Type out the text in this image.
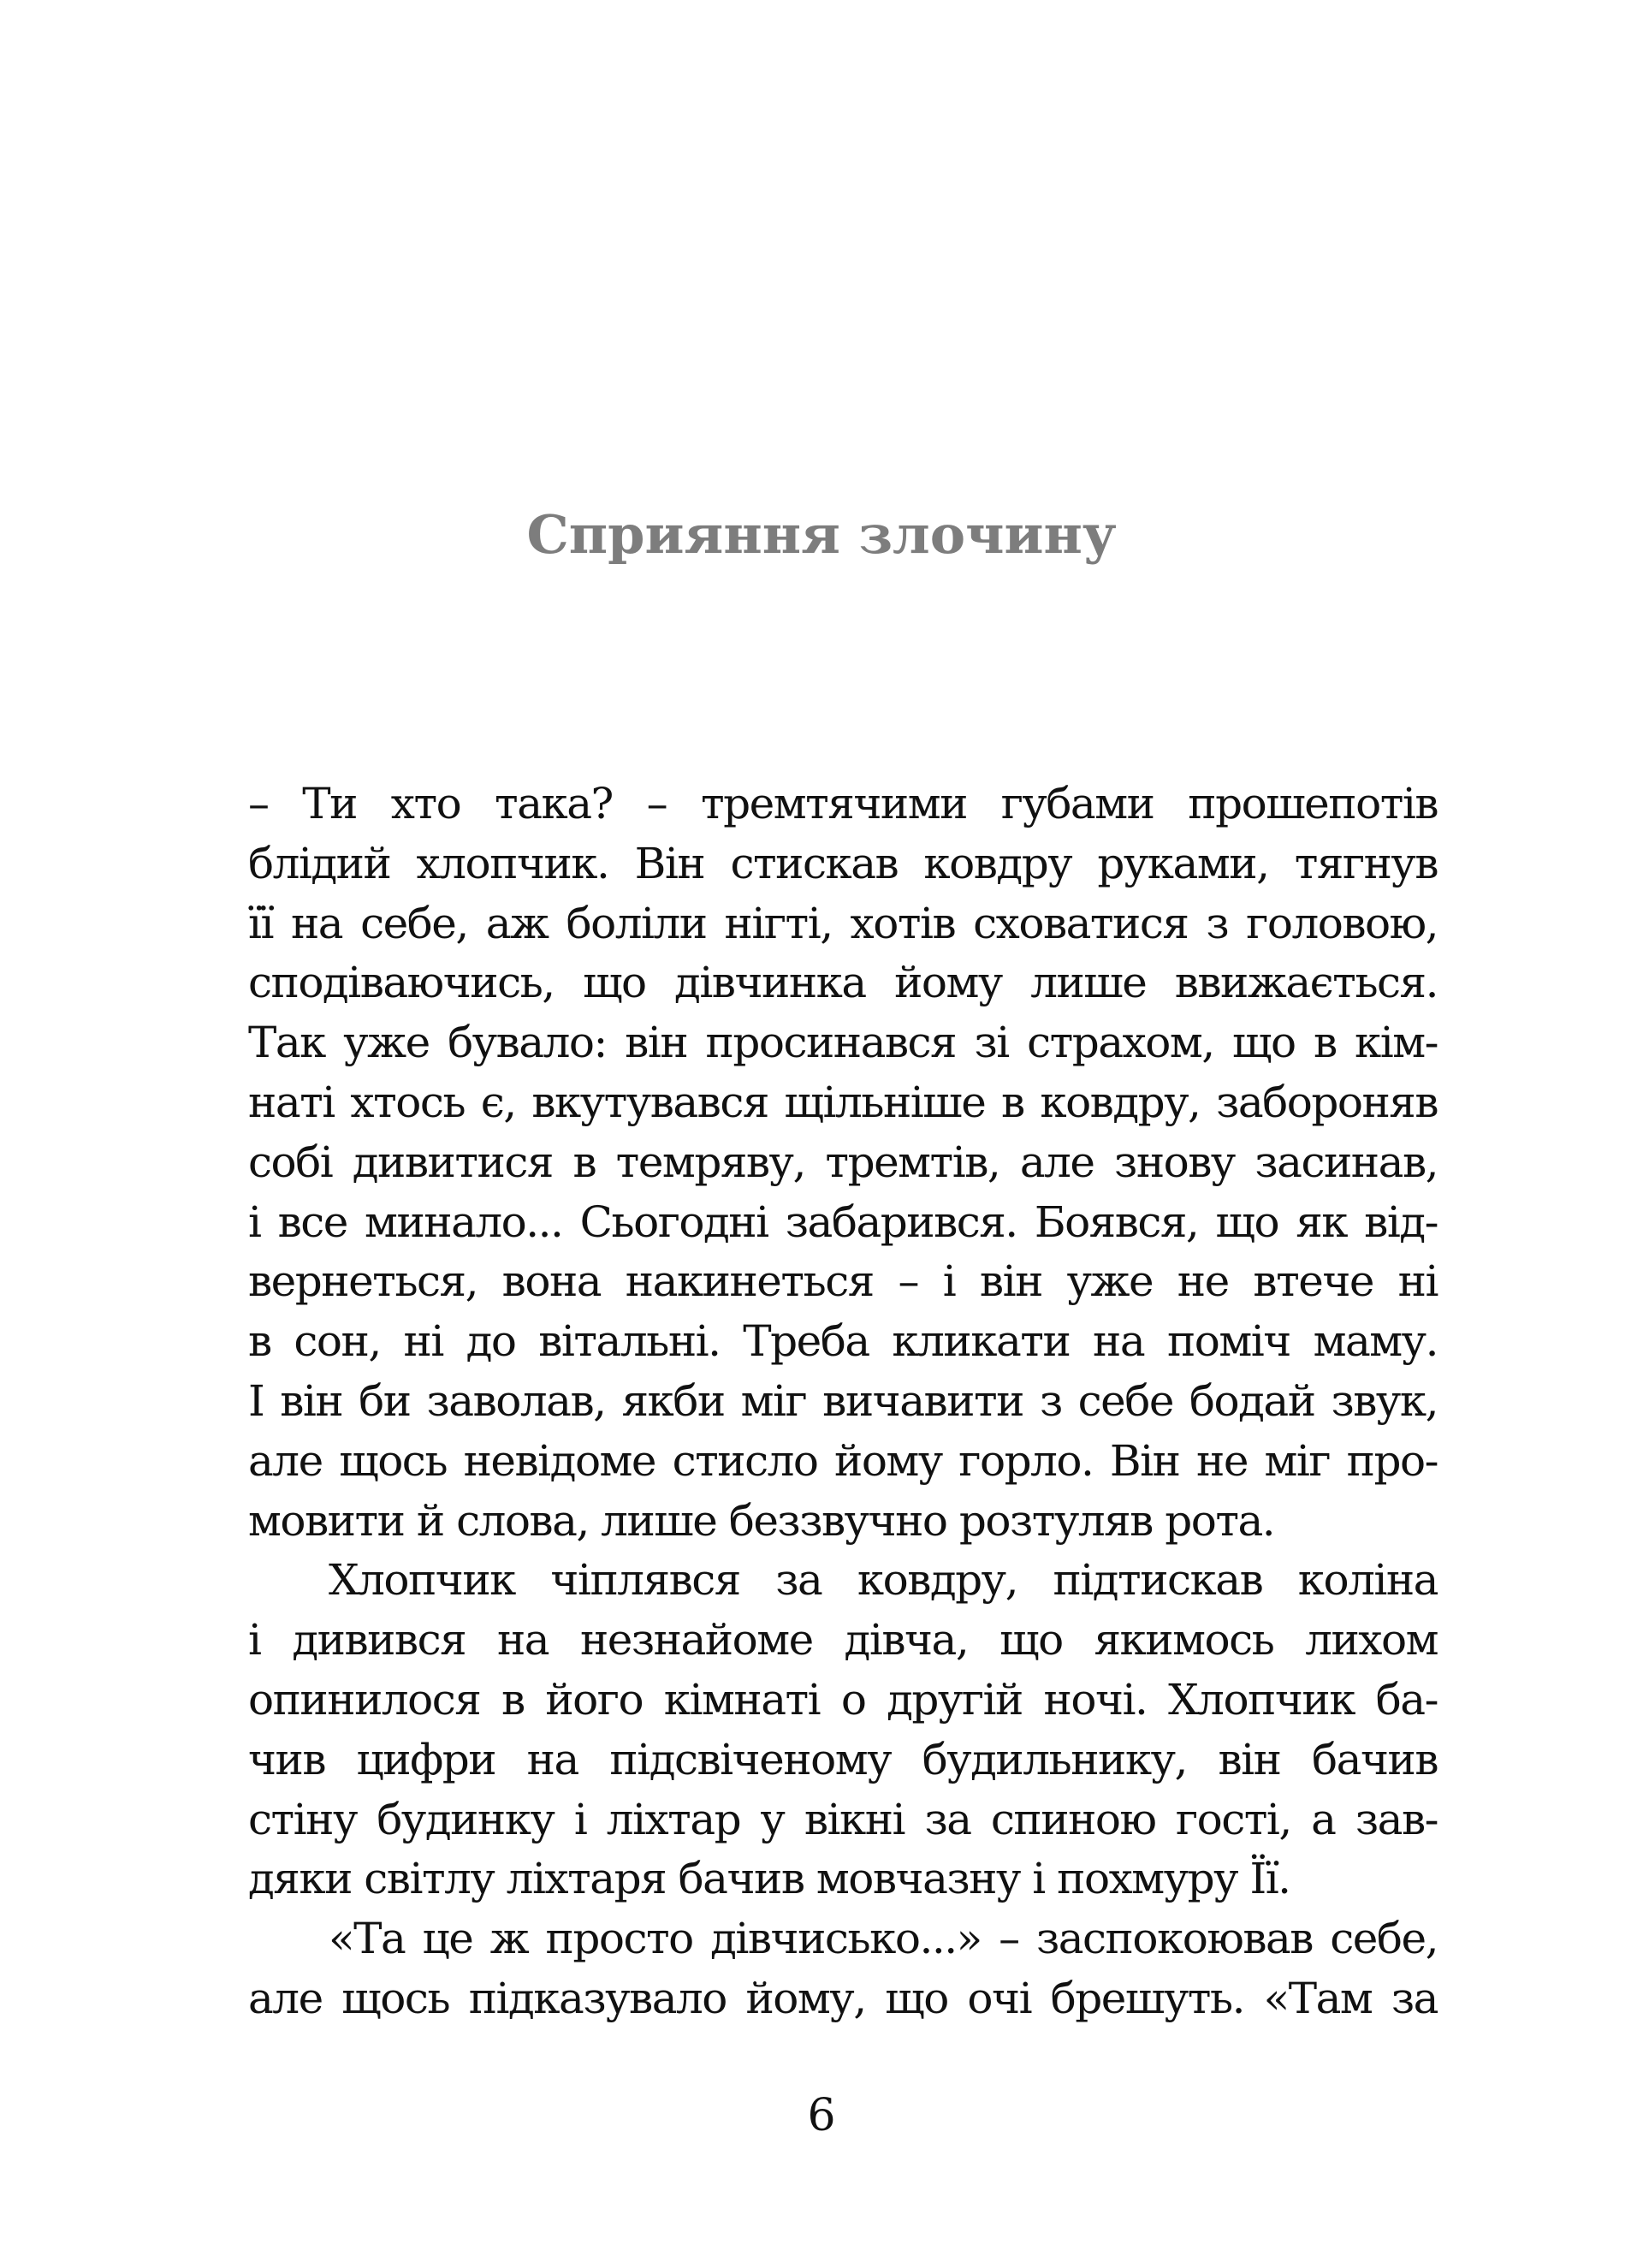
Сприяння злочину
– Ти хто така? – тремтячими губами прошепотів
блідий хлопчик. Він стискав ковдру руками, тягнув
її на себе, аж боліли нігті, хотів сховатися з головою,
сподіваючись, що дівчинка йому лише ввижається.
Так уже бувало: він просинався зі страхом, що в кім-
наті хтось є, вкутувався щільніше в ковдру, забороняв
собі дивитися в темряву, тремтів, але знову засинав,
і все минало... Сьогодні забарився. Боявся, що як від-
вернеться, вона накинеться – і він уже не втече ні
в сон, ні до вітальні. Треба кликати на поміч маму.
І він би заволав, якби міг вичавити з себе бодай звук,
але щось невідоме стисло йому горло. Він не міг про-
мовити й слова, лише беззвучно розтуляв рота.
Хлопчик чіплявся за ковдру, підтискав коліна
і дивився на незнайоме дівча, що якимось лихом
опинилося в його кімнаті о другій ночі. Хлопчик ба-
чив цифри на підсвіченому будильнику, він бачив
стіну будинку і ліхтар у вікні за спиною гості, а зав-
дяки світлу ліхтаря бачив мовчазну і похмуру Її.
«Та це ж просто дівчисько...» – заспокоював себе,
але щось підказувало йому, що очі брешуть. «Там за
6
